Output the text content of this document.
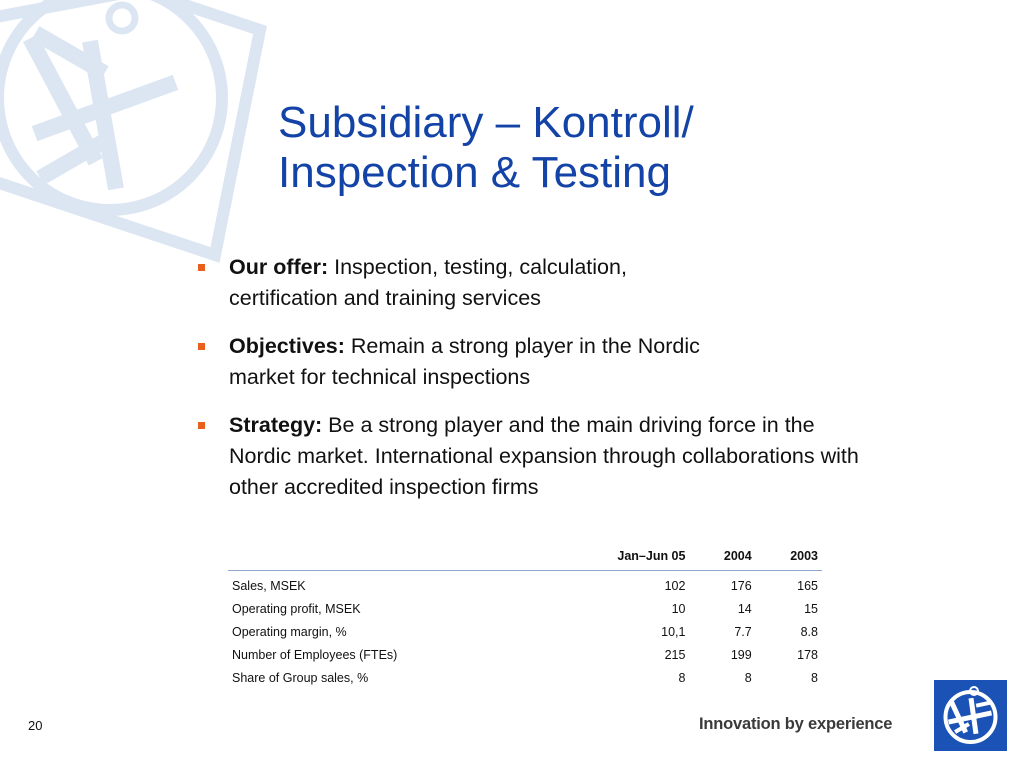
Subsidiary – Kontroll/
Inspection & Testing
Our offer: Inspection, testing, calculation,
certification and training services
Objectives: Remain a strong player in the Nordic
market for technical inspections
Strategy: Be a strong player and the main driving force in the
Nordic market. International expansion through collaborations with
other accredited inspection firms
	Jan–Jun 05	2004	2003
Sales, MSEK	102	176	165
Operating profit, MSEK	10	14	15
Operating margin, %	10,1	7.7	8.8
Number of Employees (FTEs)	215	199	178
Share of Group sales, %	8	8	8
20	Innovation by experience
